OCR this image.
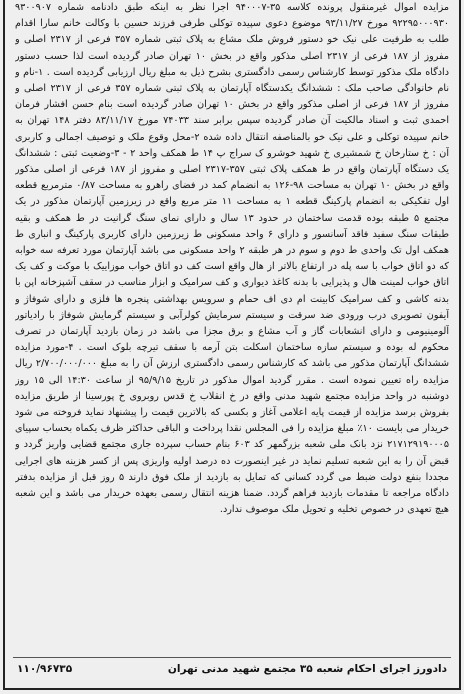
مزایده اموال غیرمنقول پرونده کلاسه ۳۵-۹۴۰۰۰۷ اجرا نظر به اینکه طبق دادنامه شماره ۹۳۰۰۹۰۷ ۹۲۲۹۵۰۰۰۹۳۰ مورخ ۹۳/۱۱/۲۷ موضوع دعوی سپیده توکلی طرفی فرزند حسین با وکالت خانم سارا اقدام طلب به طرفیت علی نیک خو دستور فروش ملک مشاع به پلاک ثبتی شماره ۳۵۷ فرعی از ۲۳۱۷ اصلی و مفروز از ۱۸۷ فرعی از ۲۳۱۷ اصلی مذکور واقع در بخش ۱۰ تهران صادر گردیده است لذا حسب دستور دادگاه ملک مذکور توسط کارشناس رسمی دادگستری بشرح ذیل به مبلغ ریال ارزیابی گردیده است . ۱-نام و نام خانوادگی صاحب ملک : ششدانگ یکدستگاه آپارتمان به پلاک ثبتی شماره ۳۵۷ فرعی از ۲۳۱۷ اصلی و مفروز از ۱۸۷ فرعی از اصلی مذکور واقع در بخش ۱۰ تهران صادر گردیده است بنام حسن افشار فرمان احمدی ثبت و اسناد مالکیت آن صادر گردیده سپس برابر سند ۷۴۰۳۳ مورخ ۸۳/۱۱/۱۷ دفتر ۱۴۸ تهران به خانم سپیده توکلی و علی نیک خو بالمناصفه انتقال داده شده ۲-محل وقوع ملک و توصیف اجمالی و کاربری آن : خ ستارخان خ شمشیری خ شهید خوشرو ک سراج پ ۱۴ ط همکف واحد ۲ - ۳-وضعیت ثبتی : ششدانگ یک دستگاه آپارتمان واقع در ط همکف پلاک ثبتی ۳۵۷-۲۳۱۷ اصلی و مفروز از ۱۸۷ فرعی از اصلی مذکور واقع در بخش ۱۰ تهران به مساحت ۹۸-۱۲۶ به انضمام کمد در فضای راهرو به مساحت ۰/۸۷ مترمربع قطعه اول تفکیکی به انضمام پارکینگ قطعه ۱ به مساحت ۱۱ متر مربع واقع در زیرزمین آپارتمان مذکور در یک مجتمع ۵ طبقه بوده قدمت ساختمان در حدود ۱۳ سال و دارای نمای سنگ گرانیت در ط همکف و بقیه طبقات سنگ سفید فاقد آسانسور و دارای ۶ واحد مسکونی ط زیرزمین دارای کاربری پارکینگ و انباری ط همکف اول تک واحدی ط دوم و سوم در هر طبقه ۲ واحد مسکونی می باشد آپارتمان مورد تعرفه سه خوابه که دو اتاق خواب با سه پله در ارتفاع بالاتر از هال واقع است کف دو اتاق خواب موزاییک با موکت و کف یک اتاق خواب لمینت هال و پذیرایی با بدنه کاغذ دیواری و کف سرامیک و ابزار مناسب در سقف آشپزخانه اپن با بدنه کاشی و کف سرامیک کابینت ام دی اف حمام و سرویس بهداشتی پنجره ها فلزی و دارای شوفاژ و آیفون تصویری درب ورودی ضد سرقت و سیستم سرمایش کولرآبی و سیستم گرمایش شوفاژ با رادیاتور آلومینیومی و دارای انشعابات گاز و آب مشاع و برق مجزا می باشد در زمان بازدید آپارتمان در تصرف محکوم له بوده و سیستم سازه ساختمان اسکلت بتن آرمه با سقف تیرچه بلوک است . ۴-مورد مزایده ششدانگ آپارتمان مذکور می باشد که کارشناس رسمی دادگستری ارزش آن را به مبلغ ۲/۷۰۰/۰۰۰/۰۰۰ ریال مزایده راه تعیین نموده است . مقرر گردید اموال مذکور در تاریخ ۹۵/۹/۱۵ از ساعت ۱۴:۳۰ الی ۱۵ روز دوشنبه در واحد مزایده مجتمع شهید مدنی واقع در خ انقلاب خ قدس روبروی خ پورسینا از طریق مزایده بفروش برسد مزایده از قیمت پایه اعلامی آغاز و بکسی که بالاترین قیمت را پیشنهاد نماید فروخته می شود خریدار می بایست ۱۰٪ مبلغ مزایده را فی المجلس نقدا پرداخت و الباقی حداکثر ظرف یکماه بحساب سپیای ۲۱۷۱۲۹۱۹۰۰۰۵ نزد بانک ملی شعبه بزرگمهر کد ۶۰۳ بنام حساب سپرده جاری مجتمع قضایی واریز گردد و قبض آن را به این شعبه تسلیم نماید در غیر اینصورت ده درصد اولیه واریزی پس از کسر هزینه های اجرایی مجددا بنفع دولت ضبط می گردد کسانی که تمایل به بازدید از ملک فوق دارند ۵ روز قبل از مزایده بدفتر دادگاه مراجعه تا مقدمات بازدید فراهم گردد. ضمنا هزینه انتقال رسمی بعهده خریدار می باشد و این شعبه هیچ تعهدی در خصوص تخلیه و تحویل ملک موصوف ندارد.
دادورز اجرای احکام شعبه ۳۵ مجتمع شهید مدنی تهران
۱۱۰/۹۶۷۳۵
